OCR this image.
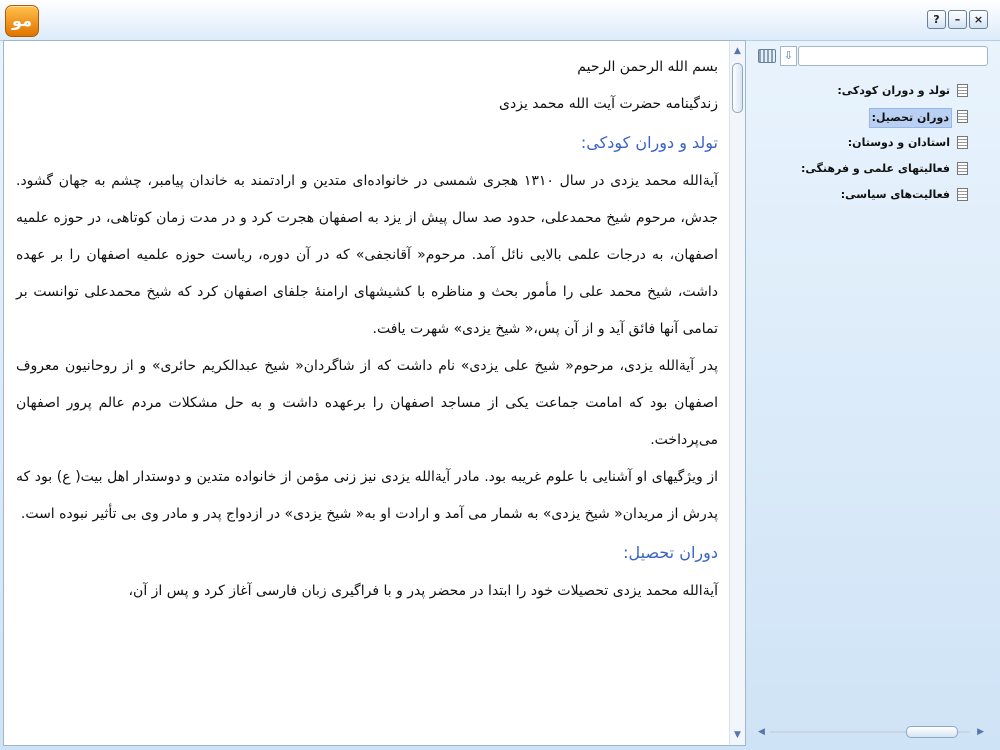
مو	?	–	×

بسم الله الرحمن الرحيم

زندگینامه حضرت آیت الله محمد یزدی

تولد و دوران کودکی:

آیةالله محمد یزدی در سال ۱۳۱۰ هجری شمسی در خانواده‌ای متدین و ارادتمند به خاندان پیامبر، چشم به جهان گشود. جدش، مرحوم شیخ محمدعلی، حدود صد سال پیش از یزد به اصفهان هجرت کرد و در مدت زمان کوتاهی، در حوزه علمیه اصفهان، به درجات علمی بالایی نائل آمد. مرحوم« آقانجفی» که در آن دوره، ریاست حوزه علمیه اصفهان را بر عهده داشت، شیخ محمد علی را مأمور بحث و مناظره با کشیشهای ارامنهٔ جلفای اصفهان کرد که شیخ محمدعلی توانست بر تمامی آنها فائق آید و از آن پس،« شیخ یزدی» شهرت یافت.

پدر آیةالله یزدی، مرحوم« شیخ علی یزدی» نام داشت که از شاگردان« شیخ عبدالکریم حائری» و از روحانیون معروف اصفهان بود که امامت جماعت یکی از مساجد اصفهان را برعهده داشت و به حل مشکلات مردم عالم پرور اصفهان می‌پرداخت.

از ویژگیهای او آشنایی با علوم غریبه بود. مادر آیةالله یزدی نیز زنی مؤمن از خانواده متدین و دوستدار اهل بیت( ع) بود که پدرش از مریدان« شیخ یزدی» به شمار می آمد و ارادت او به« شیخ یزدی» در ازدواج پدر و مادر وی بی تأثیر نبوده است.

دوران تحصیل:

آیةالله محمد یزدی تحصیلات خود را ابتدا در محضر پدر و با فراگیری زبان فارسی آغاز کرد و پس از آن،

▲
▼
⇩
تولد و دوران کودکی:
دوران تحصیل:
استادان و دوستان:
فعالیتهای علمی و فرهنگی:
فعالیت‌های سیاسی:
◀	▶
